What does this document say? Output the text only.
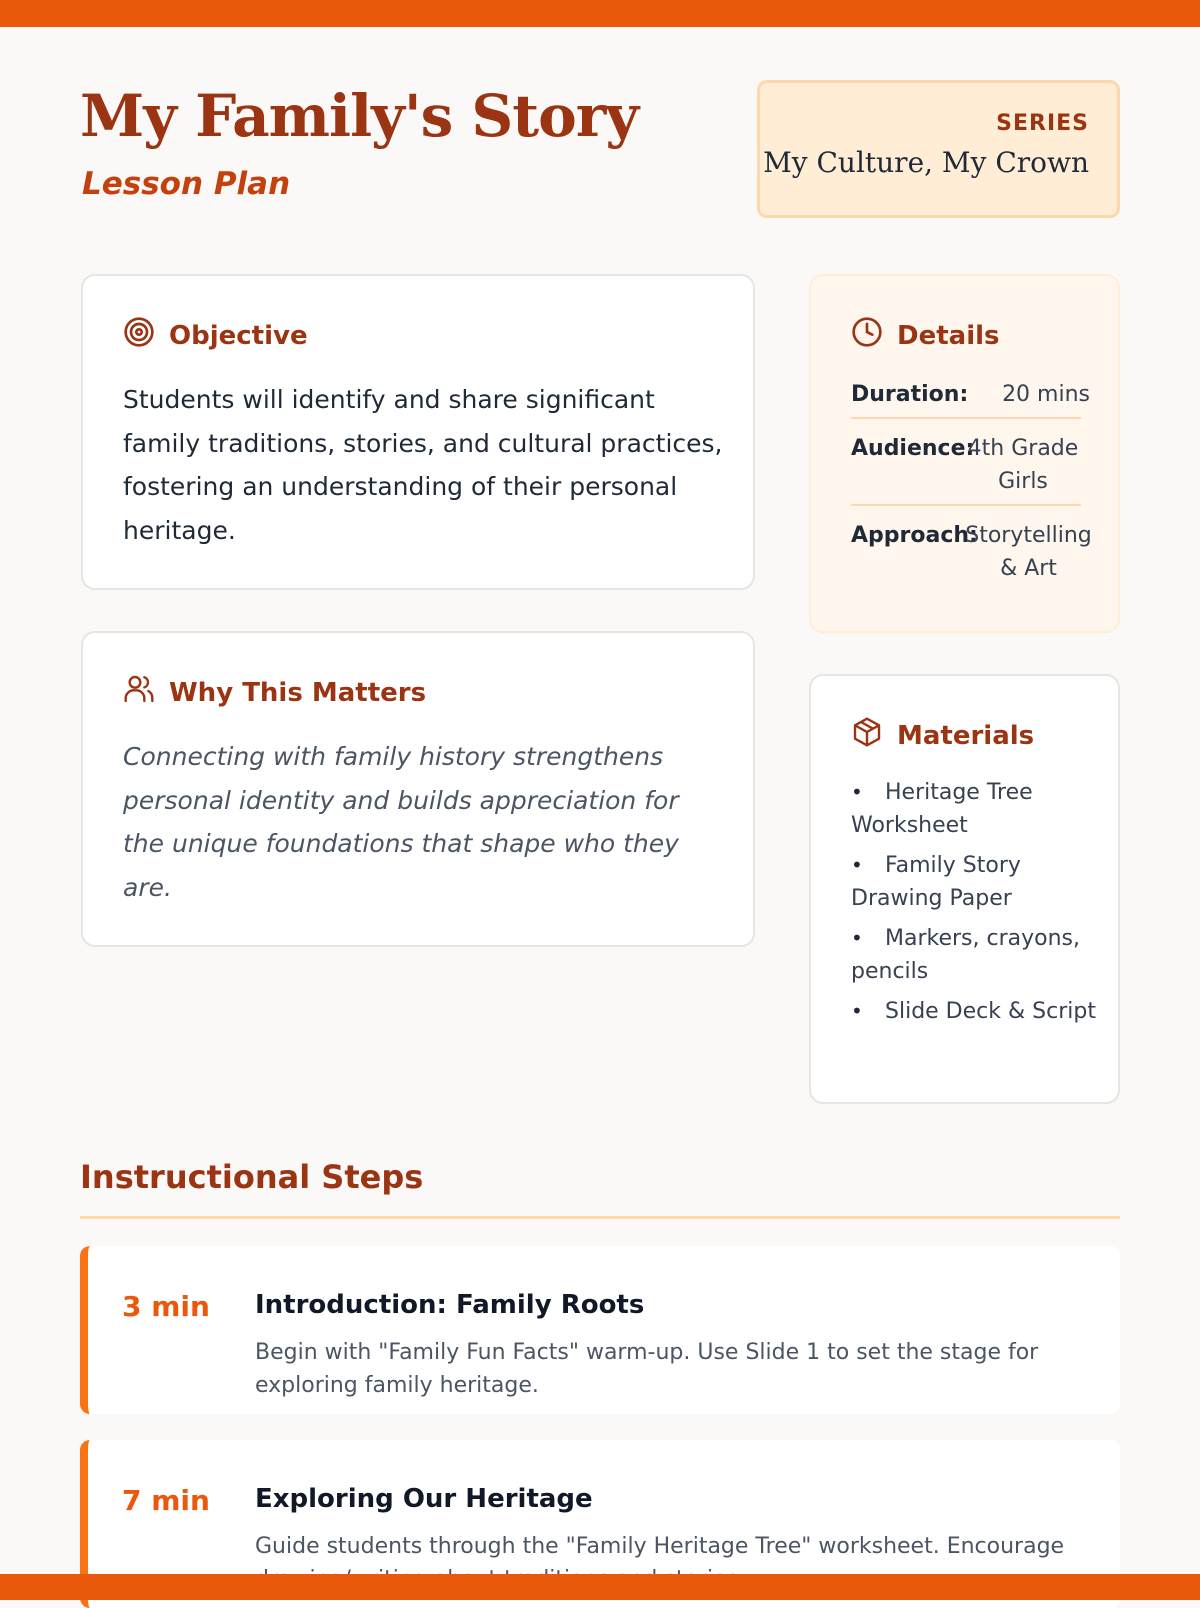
My Family's Story
Lesson Plan
SERIES
My Culture, My Crown
Objective
Students will identify and share significant family traditions, stories, and cultural practices, fostering an understanding of their personal heritage.
Why This Matters
Connecting with family history strengthens personal identity and builds appreciation for the unique foundations that shape who they are.
Details
Duration:	20 mins
Audience:
4th Grade Girls
Approach:
Storytelling & Art
Materials
• Heritage Tree Worksheet
• Family Story Drawing Paper
• Markers, crayons, pencils
• Slide Deck & Script
Instructional Steps
3 min Introduction: Family Roots
Begin with "Family Fun Facts" warm-up. Use Slide 1 to set the stage for exploring family heritage.
7 min Exploring Our Heritage
Guide students through the "Family Heritage Tree" worksheet. Encourage
